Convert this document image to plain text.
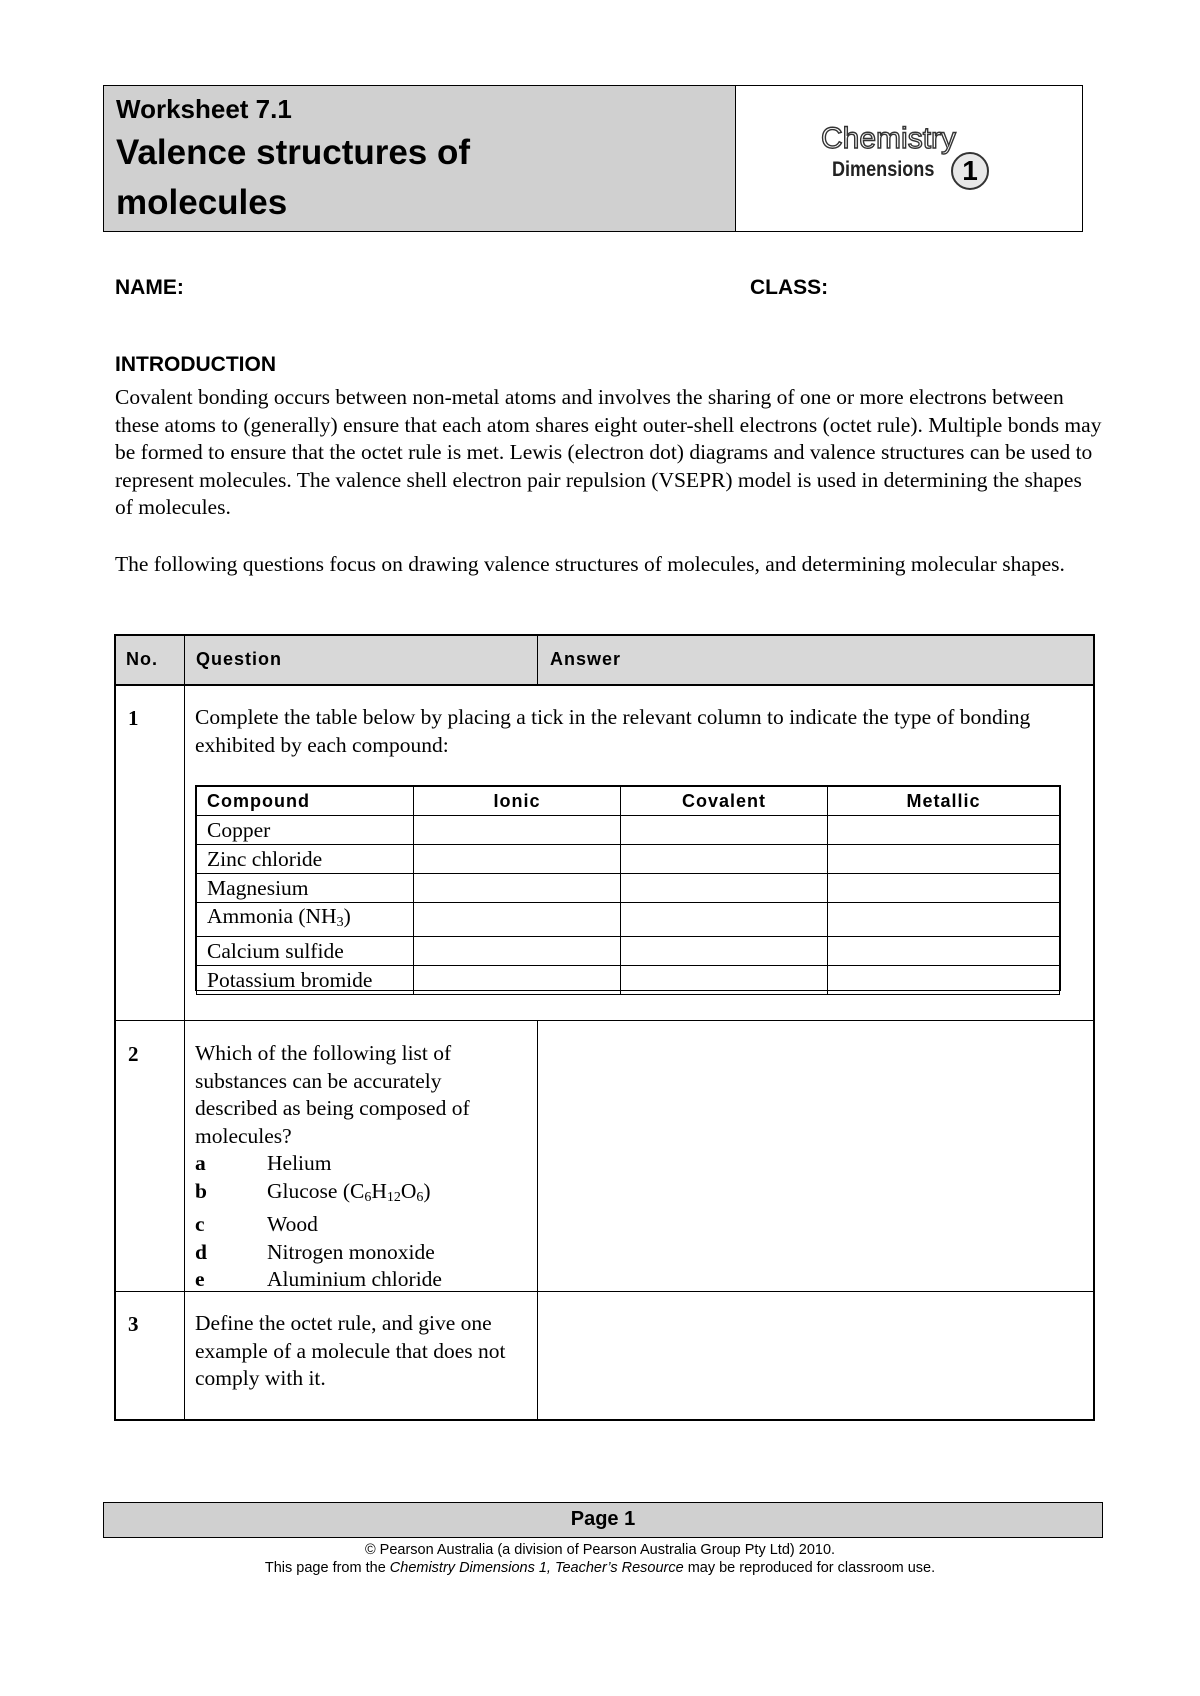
Worksheet 7.1
Valence structures of
molecules
Chemistry
Dimensions 1
NAME:	CLASS:
INTRODUCTION
Covalent bonding occurs between non-metal atoms and involves the sharing of one or more electrons between these atoms to (generally) ensure that each atom shares eight outer-shell electrons (octet rule). Multiple bonds may be formed to ensure that the octet rule is met. Lewis (electron dot) diagrams and valence structures can be used to represent molecules. The valence shell electron pair repulsion (VSEPR) model is used in determining the shapes of molecules.
The following questions focus on drawing valence structures of molecules, and determining molecular shapes.
No. Question	Answer
1	Complete the table below by placing a tick in the relevant column to indicate the type of bonding exhibited by each compound:
Compound	Ionic	Covalent	Metallic
Copper			
Zinc chloride			
Magnesium			
Ammonia $(NH_3)$			
Calcium sulfide			
Potassium bromide			
2	Which of the following list of substances can be accurately described as being composed of molecules?
a	Helium
b	Glucose $(C_6H_{12}O_6)$
c	Wood
d	Nitrogen monoxide
e	Aluminium chloride
3	Define the octet rule, and give one example of a molecule that does not comply with it.
Page 1
© Pearson Australia (a division of Pearson Australia Group Pty Ltd) 2010.
This page from the Chemistry Dimensions 1, Teacher’s Resource may be reproduced for classroom use.
